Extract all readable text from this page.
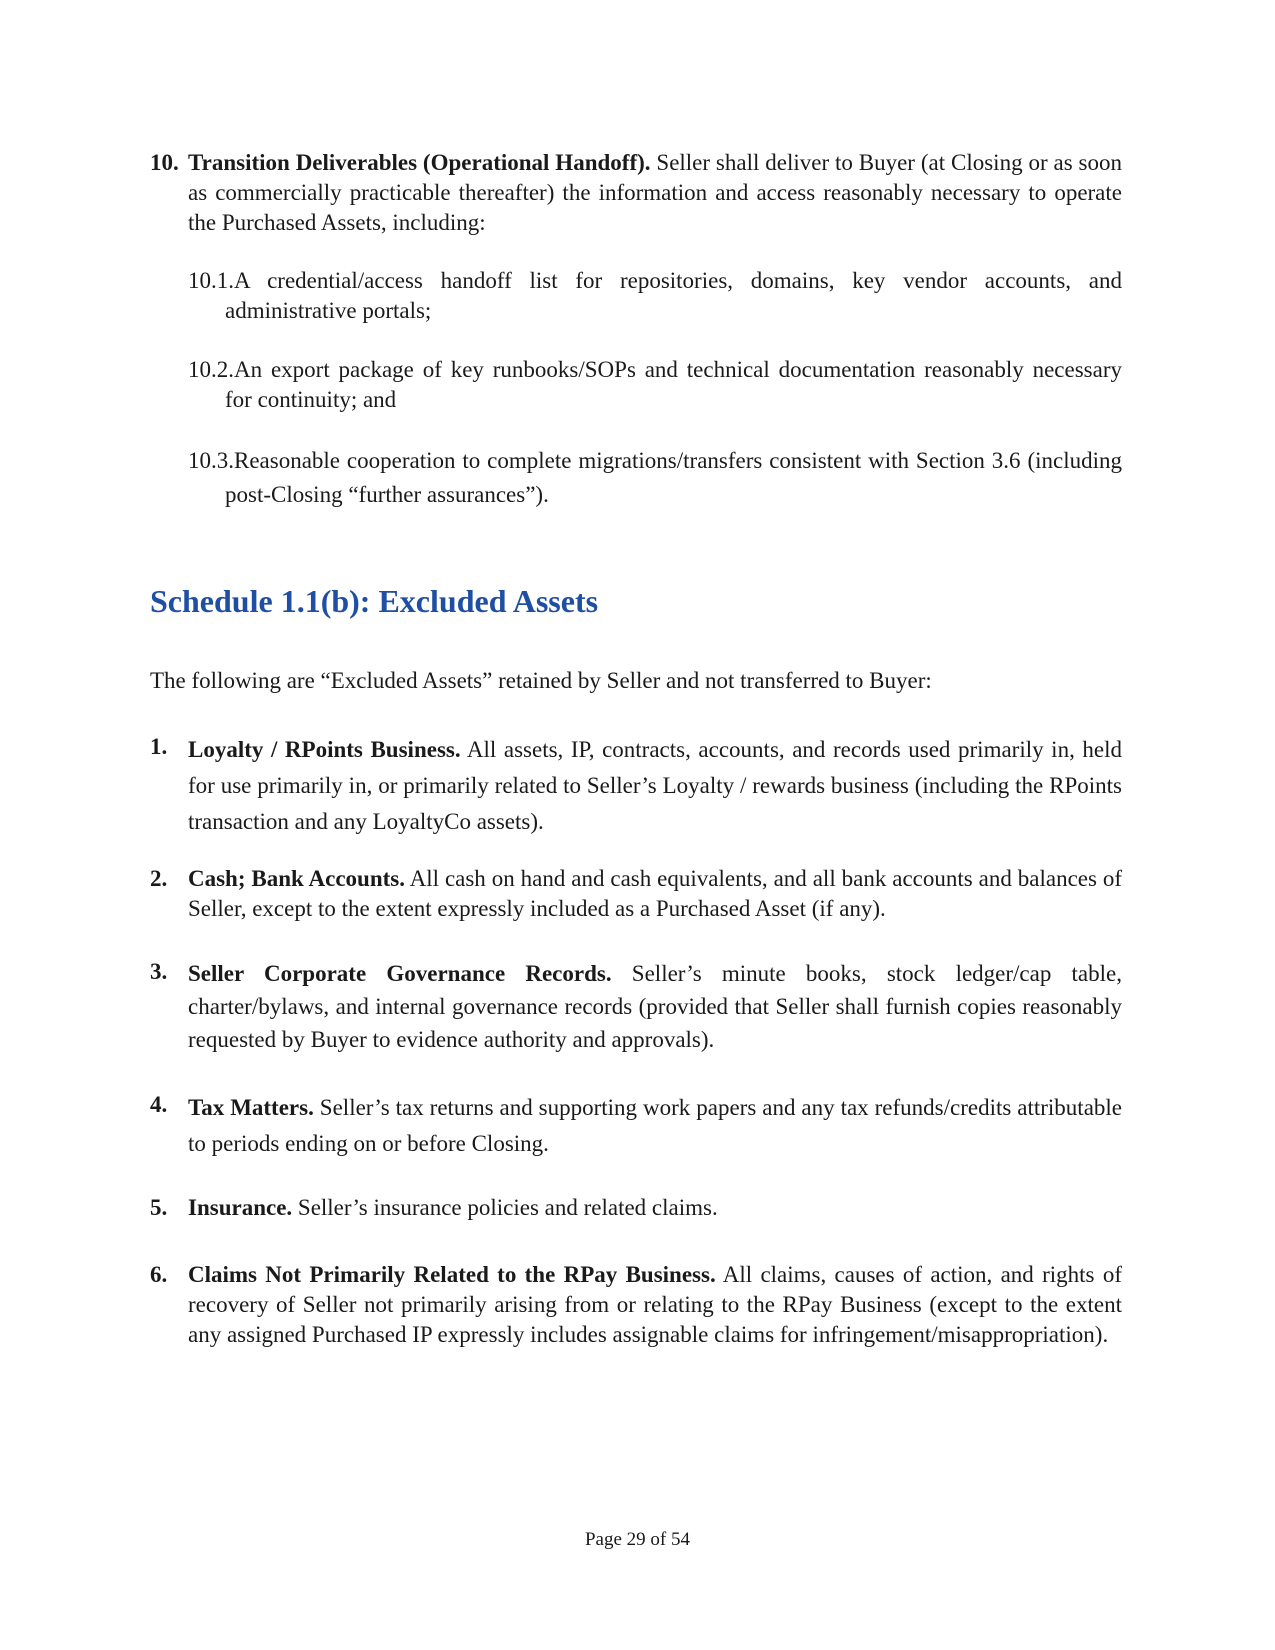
10. Transition Deliverables (Operational Handoff). Seller shall deliver to Buyer (at Closing or as soon as commercially practicable thereafter) the information and access reasonably necessary to operate the Purchased Assets, including:
10.1.A credential/access handoff list for repositories, domains, key vendor accounts, and administrative portals;
10.2.An export package of key runbooks/SOPs and technical documentation reasonably necessary for continuity; and
10.3.Reasonable cooperation to complete migrations/transfers consistent with Section 3.6 (including post-Closing “further assurances”).
Schedule 1.1(b): Excluded Assets
The following are “Excluded Assets” retained by Seller and not transferred to Buyer:
1. Loyalty / RPoints Business. All assets, IP, contracts, accounts, and records used primarily in, held for use primarily in, or primarily related to Seller’s Loyalty / rewards business (including the RPoints transaction and any LoyaltyCo assets).
2. Cash; Bank Accounts. All cash on hand and cash equivalents, and all bank accounts and balances of Seller, except to the extent expressly included as a Purchased Asset (if any).
3. Seller Corporate Governance Records. Seller’s minute books, stock ledger/cap table, charter/bylaws, and internal governance records (provided that Seller shall furnish copies reasonably requested by Buyer to evidence authority and approvals).
4. Tax Matters. Seller’s tax returns and supporting work papers and any tax refunds/credits attributable to periods ending on or before Closing.
5. Insurance. Seller’s insurance policies and related claims.
6. Claims Not Primarily Related to the RPay Business. All claims, causes of action, and rights of recovery of Seller not primarily arising from or relating to the RPay Business (except to the extent any assigned Purchased IP expressly includes assignable claims for infringement/misappropriation).
Page 29 of 54
